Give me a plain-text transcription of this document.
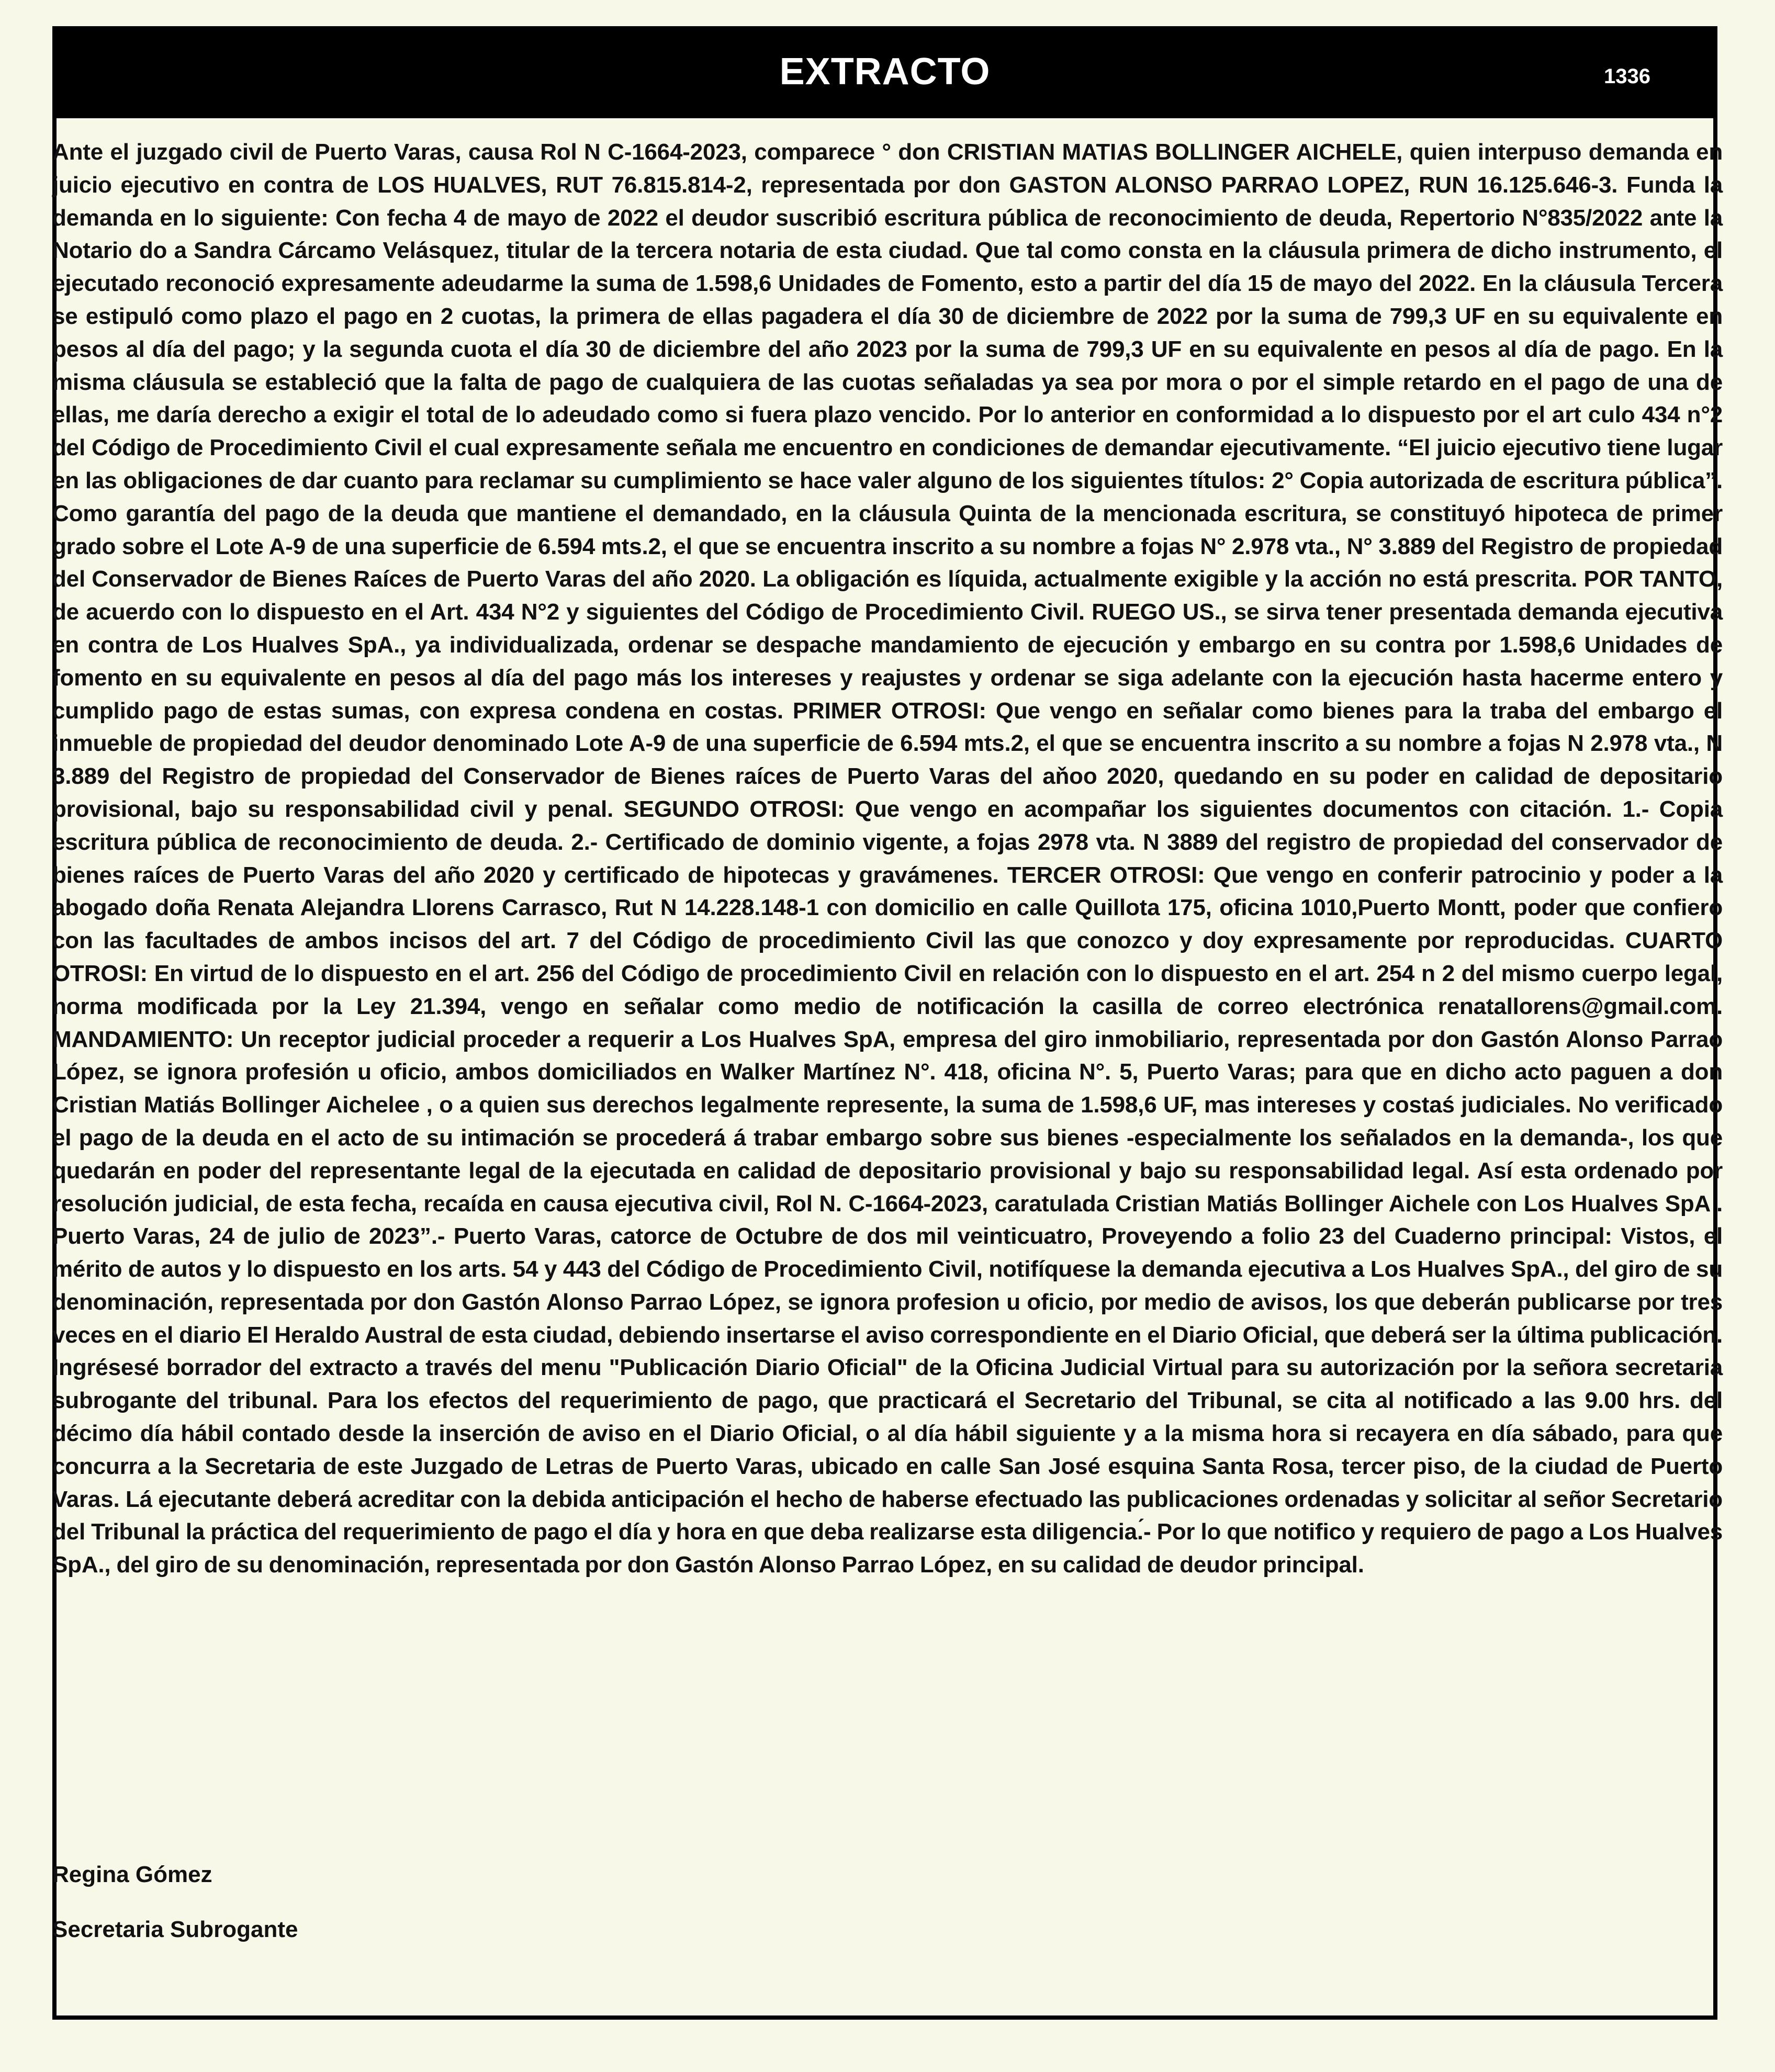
EXTRACTO	1336

Ante el juzgado civil de Puerto Varas, causa Rol N C-1664-2023, comparece ° don CRISTIAN MATIAS BOLLINGER AICHELE, quien interpuso demanda en juicio ejecutivo en contra de LOS HUALVES, RUT 76.815.814-2, representada por don GASTON ALONSO PARRAO LOPEZ, RUN 16.125.646-3. Funda la demanda en lo siguiente: Con fecha 4 de mayo de 2022 el deudor suscribió escritura pública de reconocimiento de deuda, Repertorio N°835/2022 ante la Notario do a Sandra Cárcamo Velásquez, titular de la tercera notaria de esta ciudad. Que tal como consta en la cláusula primera de dicho instrumento, el ejecutado reconoció expresamente adeudarme la suma de 1.598,6 Unidades de Fomento, esto a partir del día 15 de mayo del 2022. En la cláusula Tercera se estipuló como plazo el pago en 2 cuotas, la primera de ellas pagadera el día 30 de diciembre de 2022 por la suma de 799,3 UF en su equivalente en pesos al día del pago; y la segunda cuota el día 30 de diciembre del año 2023 por la suma de 799,3 UF en su equivalente en pesos al día de pago. En la misma cláusula se estableció que la falta de pago de cualquiera de las cuotas señaladas ya sea por mora o por el simple retardo en el pago de una de ellas, me daría derecho a exigir el total de lo adeudado como si fuera plazo vencido. Por lo anterior en conformidad a lo dispuesto por el art culo 434 n°2 del Código de Procedimiento Civil el cual expresamente señala me encuentro en condiciones de demandar ejecutivamente. “El juicio ejecutivo tiene lugar en las obligaciones de dar cuanto para reclamar su cumplimiento se hace valer alguno de los siguientes títulos: 2° Copia autorizada de escritura pública”. Como garantía del pago de la deuda que mantiene el demandado, en la cláusula Quinta de la mencionada escritura, se constituyó hipoteca de primer grado sobre el Lote A-9 de una superficie de 6.594 mts.2, el que se encuentra inscrito a su nombre a fojas N° 2.978 vta., N° 3.889 del Registro de propiedad del Conservador de Bienes Raíces de Puerto Varas del año 2020. La obligación es líquida, actualmente exigible y la acción no está prescrita. POR TANTO, de acuerdo con lo dispuesto en el Art. 434 N°2 y siguientes del Código de Procedimiento Civil. RUEGO US., se sirva tener presentada demanda ejecutiva en contra de Los Hualves SpA., ya individualizada, ordenar se despache mandamiento de ejecución y embargo en su contra por 1.598,6 Unidades de fomento en su equivalente en pesos al día del pago más los intereses y reajustes y ordenar se siga adelante con la ejecución hasta hacerme entero y cumplido pago de estas sumas, con expresa condena en costas. PRIMER OTROSI: Que vengo en señalar como bienes para la traba del embargo el inmueble de propiedad del deudor denominado Lote A-9 de una superficie de 6.594 mts.2, el que se encuentra inscrito a su nombre a fojas N 2.978 vta., N 3.889 del Registro de propiedad del Conservador de Bienes raíces de Puerto Varas del aňoo 2020, quedando en su poder en calidad de depositario provisional, bajo su responsabilidad civil y penal. SEGUNDO OTROSI: Que vengo en acompañar los siguientes documentos con citación. 1.- Copia escritura pública de reconocimiento de deuda. 2.- Certificado de dominio vigente, a fojas 2978 vta. N 3889 del registro de propiedad del conservador de bienes raíces de Puerto Varas del año 2020 y certificado de hipotecas y gravámenes. TERCER OTROSI: Que vengo en conferir patrocinio y poder a la abogado doña Renata Alejandra Llorens Carrasco, Rut N 14.228.148-1 con domicilio en calle Quillota 175, oficina 1010,Puerto Montt, poder que confiero con las facultades de ambos incisos del art. 7 del Código de procedimiento Civil las que conozco y doy expresamente por reproducidas. CUARTO OTROSI: En virtud de lo dispuesto en el art. 256 del Código de procedimiento Civil en relación con lo dispuesto en el art. 254 n 2 del mismo cuerpo legal, norma modificada por la Ley 21.394, vengo en señalar como medio de notificación la casilla de correo electrónica renatallorens@gmail.com. MANDAMIENTO: Un receptor judicial proceder a requerir a Los Hualves SpA, empresa del giro inmobiliario, representada por don Gastón Alonso Parrao López, se ignora profesión u oficio, ambos domiciliados en Walker Martínez N°. 418, oficina N°. 5, Puerto Varas; para que en dicho acto paguen a don Cristian Matiás Bollinger Aichelee , o a quien sus derechos legalmente represente, la suma de 1.598,6 UF, mas intereses y costaś judiciales. No verificado el pago de la deuda en el acto de su intimación se procederá á trabar embargo sobre sus bienes -especialmente los señalados en la demanda-, los que quedarán en poder del representante legal de la ejecutada en calidad de depositario provisional y bajo su responsabilidad legal. Así esta ordenado por resolución judicial, de esta fecha, recaída en causa ejecutiva civil, Rol N. C-1664-2023, caratulada Cristian Matiás Bollinger Aichele con Los Hualves SpA . Puerto Varas, 24 de julio de 2023”.- Puerto Varas, catorce de Octubre de dos mil veinticuatro, Proveyendo a folio 23 del Cuaderno principal: Vistos, el mérito de autos y lo dispuesto en los arts. 54 y 443 del Código de Procedimiento Civil, notifíquese la demanda ejecutiva a Los Hualves SpA., del giro de su denominación, representada por don Gastón Alonso Parrao López, se ignora profesion u oficio, por medio de avisos, los que deberán publicarse por tres veces en el diario El Heraldo Austral de esta ciudad, debiendo insertarse el aviso correspondiente en el Diario Oficial, que deberá ser la última publicación. Ingrésesé borrador del extracto a través del menu "Publicación Diario Oficial" de la Oficina Judicial Virtual para su autorización por la señora secretaria subrogante del tribunal. Para los efectos del requerimiento de pago, que practicará el Secretario del Tribunal, se cita al notificado a las 9.00 hrs. del décimo día hábil contado desde la inserción de aviso en el Diario Oficial, o al día hábil siguiente y a la misma hora si recayera en día sábado, para que concurra a la Secretaria de este Juzgado de Letras de Puerto Varas, ubicado en calle San José esquina Santa Rosa, tercer piso, de la ciudad de Puerto Varas. Lá ejecutante deberá acreditar con la debida anticipación el hecho de haberse efectuado las publicaciones ordenadas y solicitar al señor Secretario del Tribunal la práctica del requerimiento de pago el día y hora en que deba realizarse esta diligencia.́- Por lo que notifico y requiero de pago a Los Hualves SpA., del giro de su denominación, representada por don Gastón Alonso Parrao López, en su calidad de deudor principal.

Regina Gómez
Secretaria Subrogante
